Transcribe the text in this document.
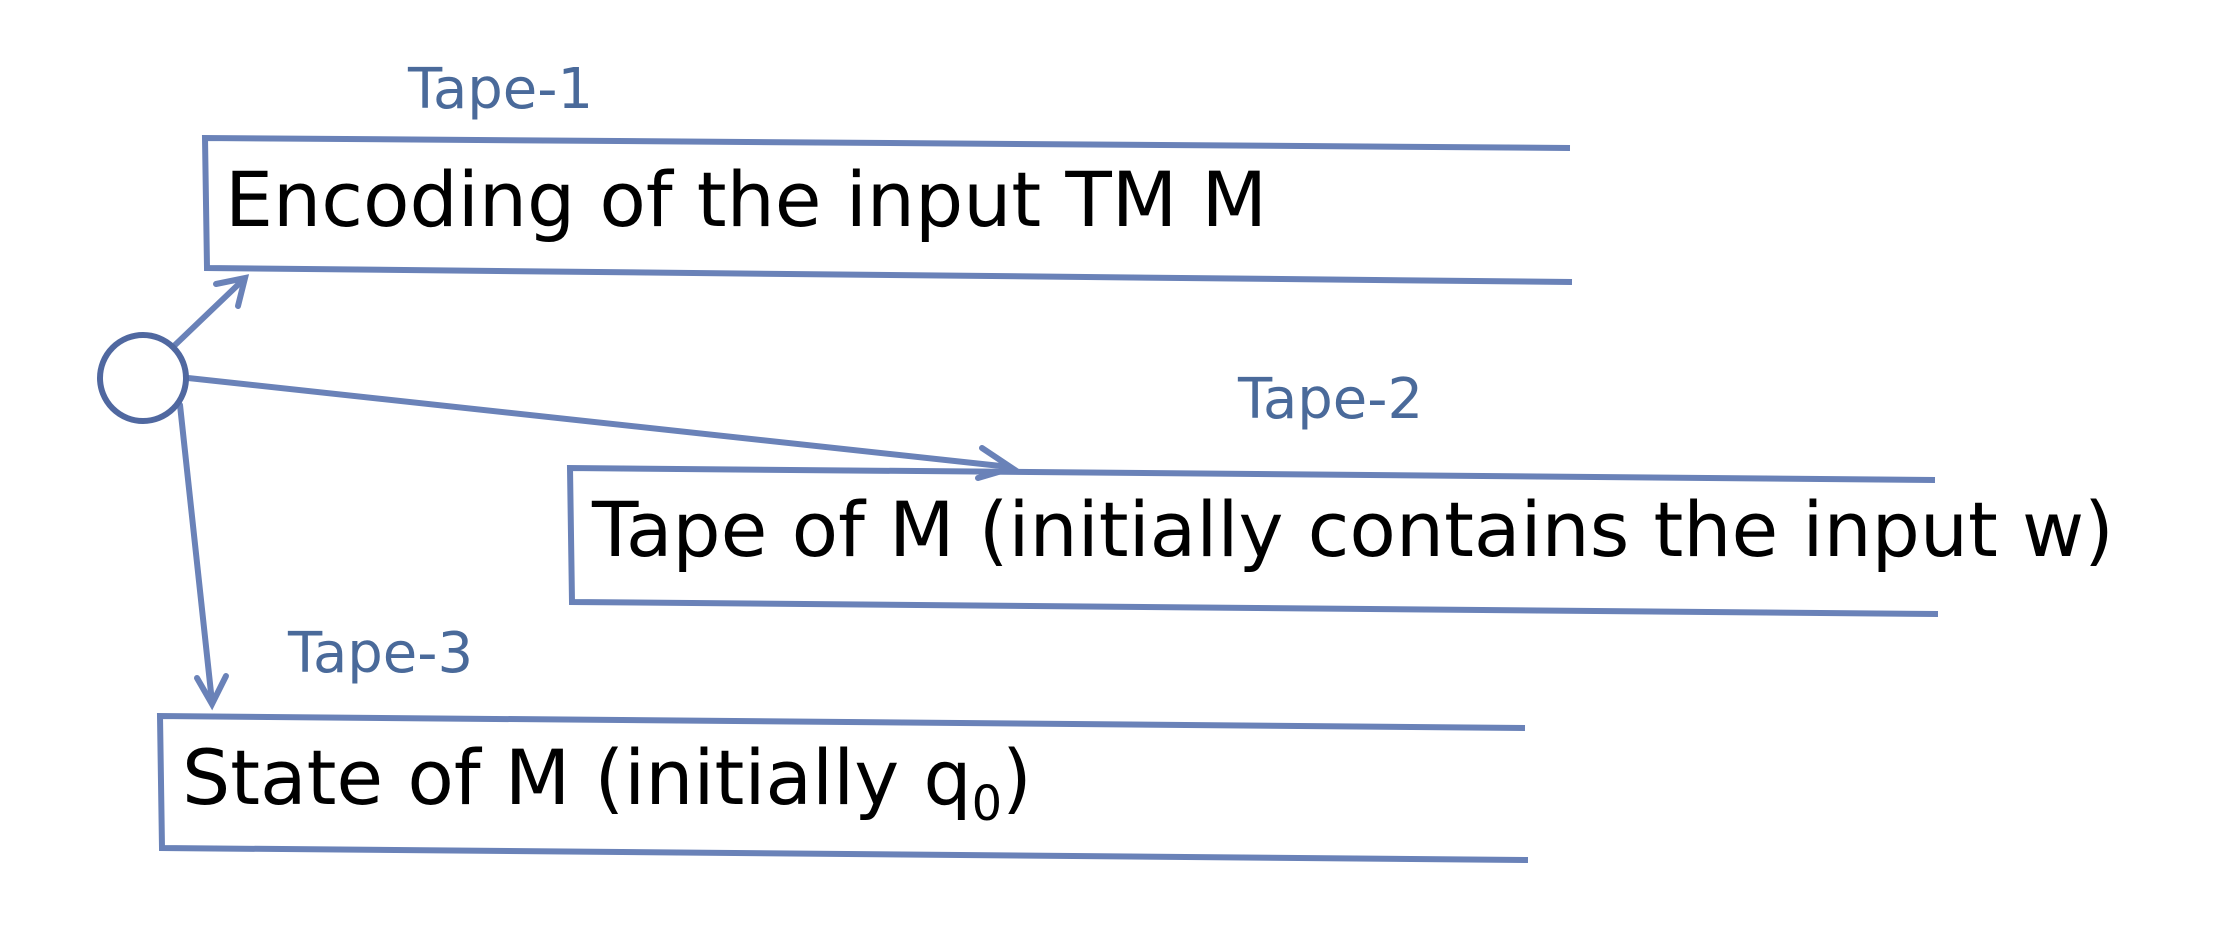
Tape-1
Encoding of the input TM M
Tape-2
Tape of M (initially contains the input w)
Tape-3
State of M (initially $q_0$)
